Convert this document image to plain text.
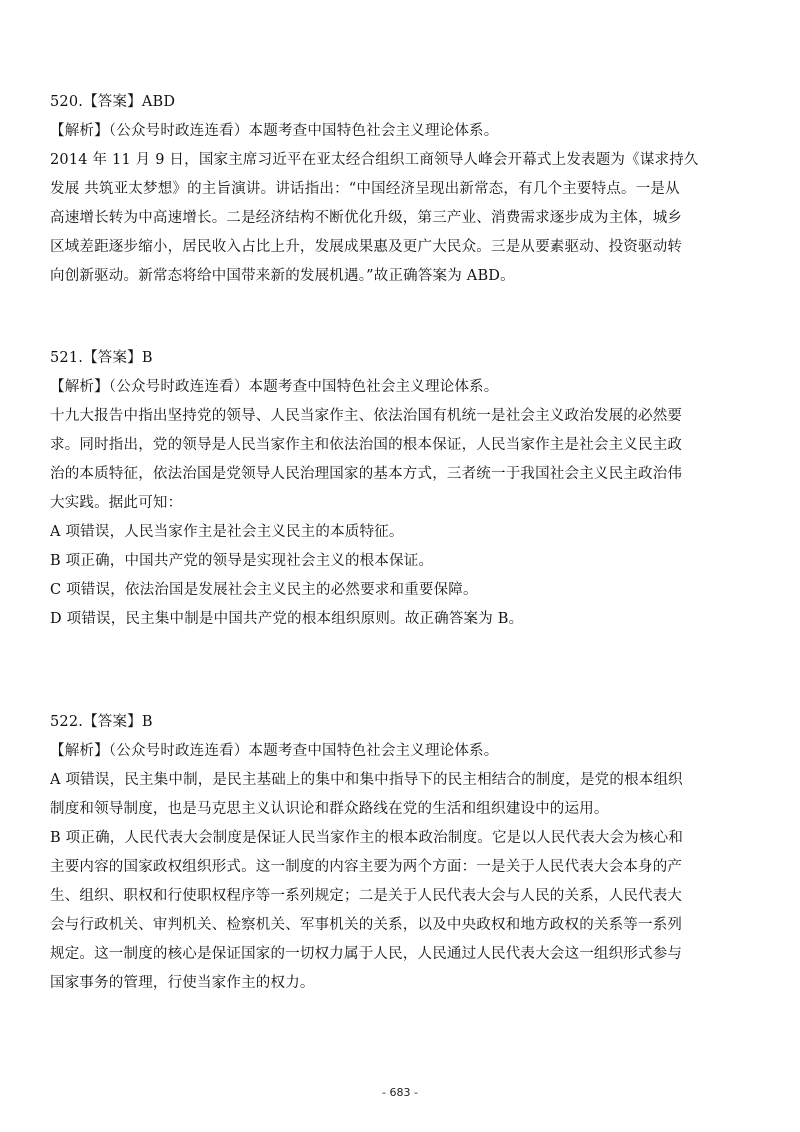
520.【答案】ABD
【解析】（公众号时政连连看）本题考查中国特色社会主义理论体系。
2014 年 11 月 9 日，国家主席习近平在亚太经合组织工商领导人峰会开幕式上发表题为《谋求持久
发展 共筑亚太梦想》的主旨演讲。讲话指出：“中国经济呈现出新常态，有几个主要特点。一是从
高速增长转为中高速增长。二是经济结构不断优化升级，第三产业、消费需求逐步成为主体，城乡
区域差距逐步缩小，居民收入占比上升，发展成果惠及更广大民众。三是从要素驱动、投资驱动转
向创新驱动。新常态将给中国带来新的发展机遇。”故正确答案为 ABD。
521.【答案】B
【解析】（公众号时政连连看）本题考查中国特色社会主义理论体系。
十九大报告中指出坚持党的领导、人民当家作主、依法治国有机统一是社会主义政治发展的必然要
求。同时指出，党的领导是人民当家作主和依法治国的根本保证，人民当家作主是社会主义民主政
治的本质特征，依法治国是党领导人民治理国家的基本方式，三者统一于我国社会主义民主政治伟
大实践。据此可知：
A 项错误，人民当家作主是社会主义民主的本质特征。
B 项正确，中国共产党的领导是实现社会主义的根本保证。
C 项错误，依法治国是发展社会主义民主的必然要求和重要保障。
D 项错误，民主集中制是中国共产党的根本组织原则。故正确答案为 B。
522.【答案】B
【解析】（公众号时政连连看）本题考查中国特色社会主义理论体系。
A 项错误，民主集中制，是民主基础上的集中和集中指导下的民主相结合的制度，是党的根本组织
制度和领导制度，也是马克思主义认识论和群众路线在党的生活和组织建设中的运用。
B 项正确，人民代表大会制度是保证人民当家作主的根本政治制度。它是以人民代表大会为核心和
主要内容的国家政权组织形式。这一制度的内容主要为两个方面：一是关于人民代表大会本身的产
生、组织、职权和行使职权程序等一系列规定；二是关于人民代表大会与人民的关系，人民代表大
会与行政机关、审判机关、检察机关、军事机关的关系，以及中央政权和地方政权的关系等一系列
规定。这一制度的核心是保证国家的一切权力属于人民，人民通过人民代表大会这一组织形式参与
国家事务的管理，行使当家作主的权力。
- 683 -
